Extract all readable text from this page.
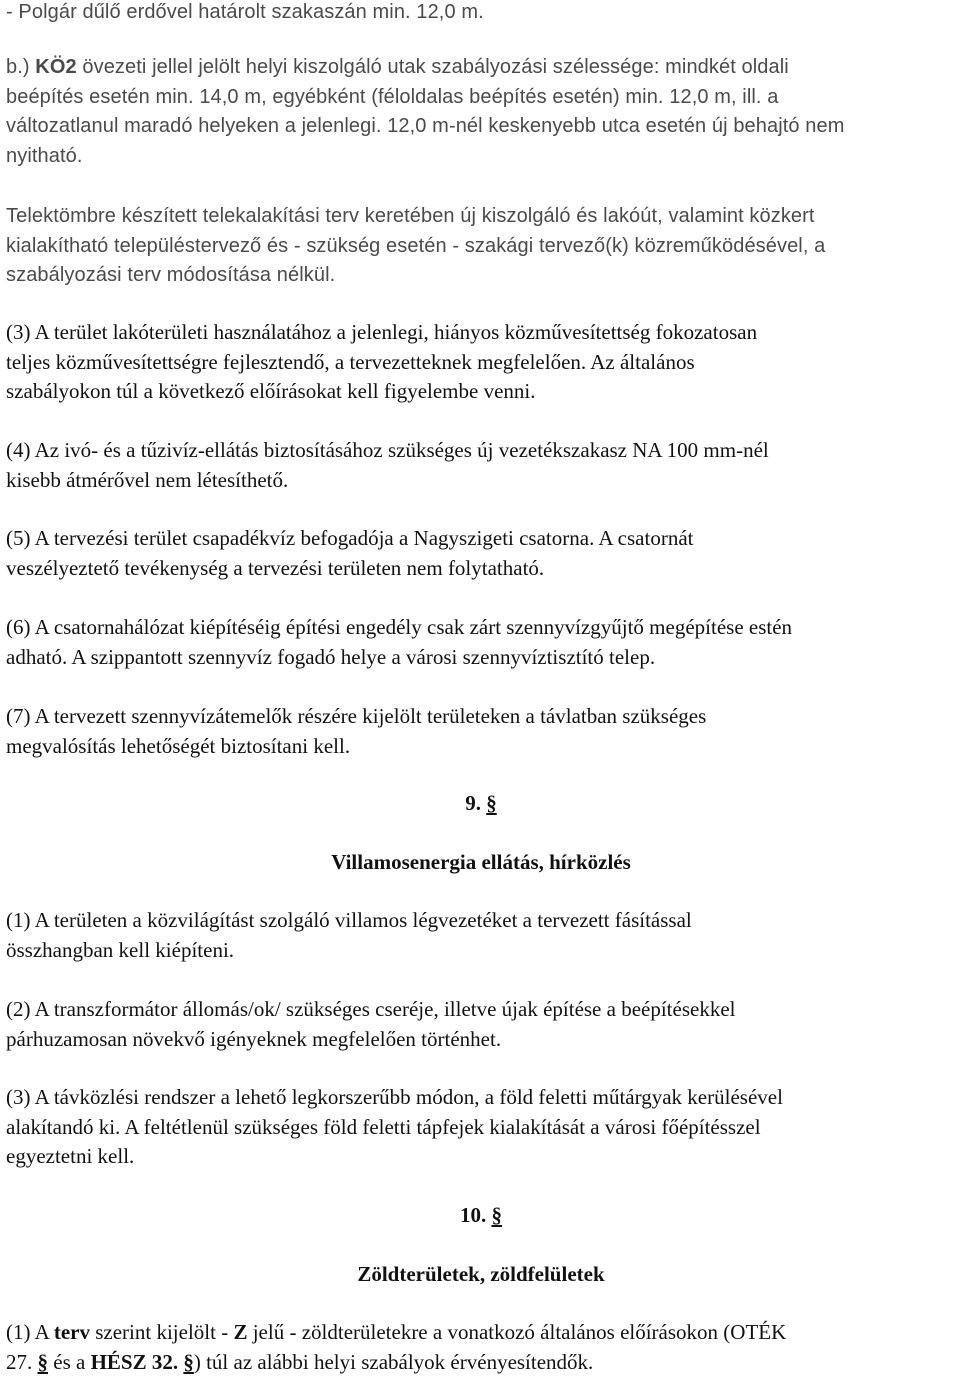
- Polgár dűlő erdővel határolt szakaszán min. 12,0 m.

b.) KÖ2 övezeti jellel jelölt helyi kiszolgáló utak szabályozási szélessége: mindkét oldali
beépítés esetén min. 14,0 m, egyébként (féloldalas beépítés esetén) min. 12,0 m, ill. a
változatlanul maradó helyeken a jelenlegi. 12,0 m-nél keskenyebb utca esetén új behajtó nem
nyitható.

Telektömbre készített telekalakítási terv keretében új kiszolgáló és lakóút, valamint közkert
kialakítható településtervező és - szükség esetén - szakági tervező(k) közreműködésével, a
szabályozási terv módosítása nélkül.

(3) A terület lakóterületi használatához a jelenlegi, hiányos közművesítettség fokozatosan
teljes közművesítettségre fejlesztendő, a tervezetteknek megfelelően. Az általános
szabályokon túl a következő előírásokat kell figyelembe venni.

(4) Az ivó- és a tűzivíz-ellátás biztosításához szükséges új vezetékszakasz NA 100 mm-nél
kisebb átmérővel nem létesíthető.

(5) A tervezési terület csapadékvíz befogadója a Nagyszigeti csatorna. A csatornát
veszélyeztető tevékenység a tervezési területen nem folytatható.

(6) A csatornahálózat kiépítéséig építési engedély csak zárt szennyvízgyűjtő megépítése estén
adható. A szippantott szennyvíz fogadó helye a városi szennyvíztisztító telep.

(7) A tervezett szennyvízátemelők részére kijelölt területeken a távlatban szükséges
megvalósítás lehetőségét biztosítani kell.

9. §
Villamosenergia ellátás, hírközlés

(1) A területen a közvilágítást szolgáló villamos légvezetéket a tervezett fásítással
összhangban kell kiépíteni.

(2) A transzformátor állomás/ok/ szükséges cseréje, illetve újak építése a beépítésekkel
párhuzamosan növekvő igényeknek megfelelően történhet.

(3) A távközlési rendszer a lehető legkorszerűbb módon, a föld feletti műtárgyak kerülésével
alakítandó ki. A feltétlenül szükséges föld feletti tápfejek kialakítását a városi főépítésszel
egyeztetni kell.

10. §
Zöldterületek, zöldfelületek

(1) A terv szerint kijelölt - Z jelű - zöldterületekre a vonatkozó általános előírásokon (OTÉK
27. § és a HÉSZ 32. §) túl az alábbi helyi szabályok érvényesítendők.
